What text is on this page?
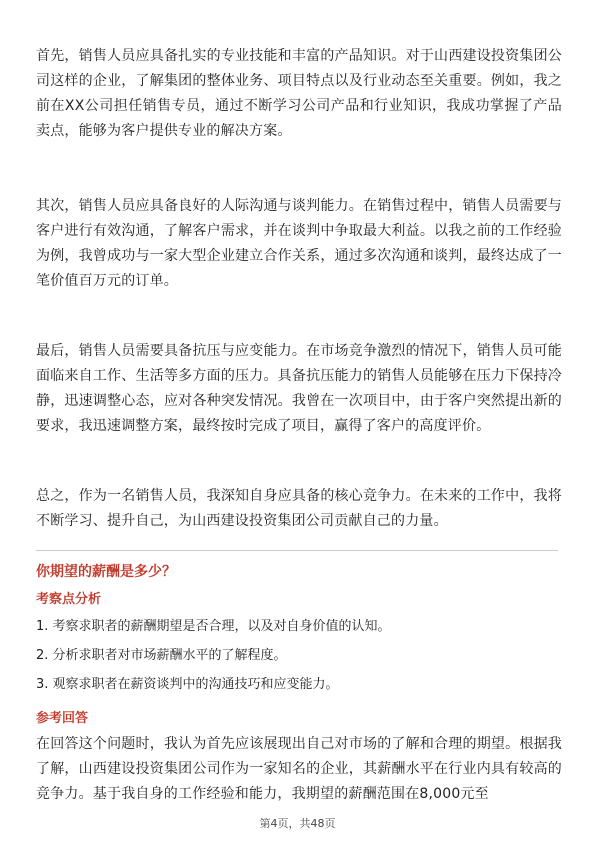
首先，销售人员应具备扎实的专业技能和丰富的产品知识。对于山西建设投资集团公司这样的企业，了解集团的整体业务、项目特点以及行业动态至关重要。例如，我之前在XX公司担任销售专员，通过不断学习公司产品和行业知识，我成功掌握了产品卖点，能够为客户提供专业的解决方案。

其次，销售人员应具备良好的人际沟通与谈判能力。在销售过程中，销售人员需要与客户进行有效沟通，了解客户需求，并在谈判中争取最大利益。以我之前的工作经验为例，我曾成功与一家大型企业建立合作关系，通过多次沟通和谈判，最终达成了一笔价值百万元的订单。

最后，销售人员需要具备抗压与应变能力。在市场竞争激烈的情况下，销售人员可能面临来自工作、生活等多方面的压力。具备抗压能力的销售人员能够在压力下保持冷静，迅速调整心态，应对各种突发情况。我曾在一次项目中，由于客户突然提出新的要求，我迅速调整方案，最终按时完成了项目，赢得了客户的高度评价。

总之，作为一名销售人员，我深知自身应具备的核心竞争力。在未来的工作中，我将不断学习、提升自己，为山西建设投资集团公司贡献自己的力量。

你期望的薪酬是多少？

考察点分析

1. 考察求职者的薪酬期望是否合理，以及对自身价值的认知。

2. 分析求职者对市场薪酬水平的了解程度。

3. 观察求职者在薪资谈判中的沟通技巧和应变能力。

参考回答

在回答这个问题时，我认为首先应该展现出自己对市场的了解和合理的期望。根据我了解，山西建设投资集团公司作为一家知名的企业，其薪酬水平在行业内具有较高的竞争力。基于我自身的工作经验和能力，我期望的薪酬范围在8,000元至

第4页，共48页
